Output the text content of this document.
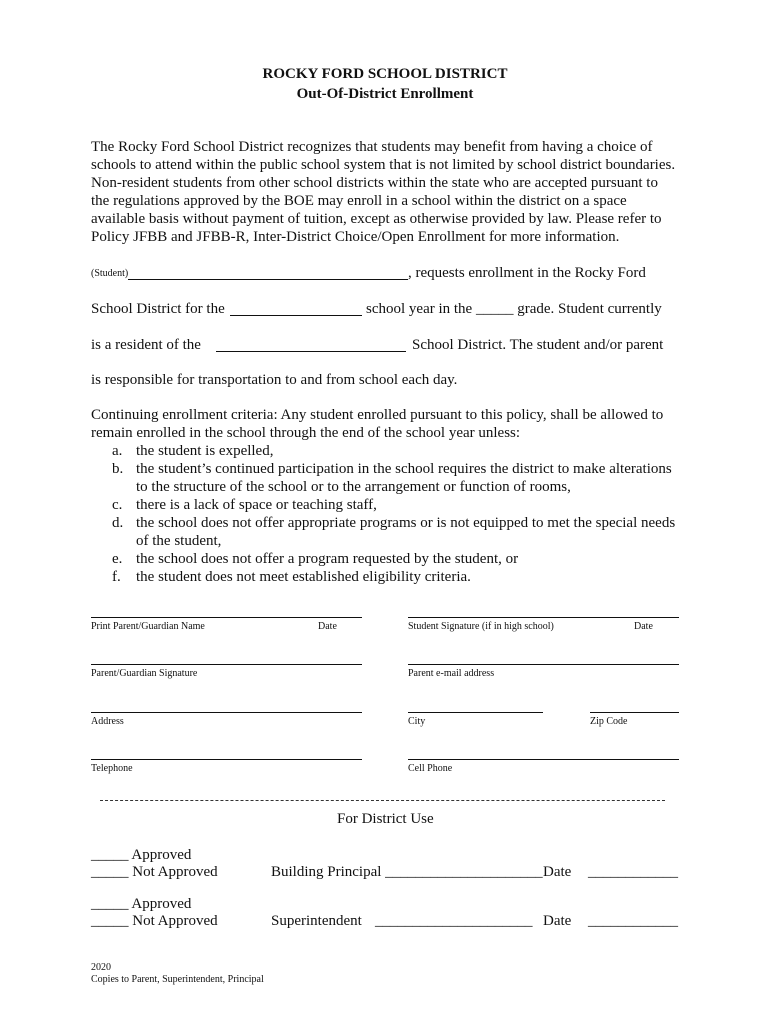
ROCKY FORD SCHOOL DISTRICT
Out-Of-District Enrollment
The Rocky Ford School District recognizes that students may benefit from having a choice of
schools to attend within the public school system that is not limited by school district boundaries.
Non-resident students from other school districts within the state who are accepted pursuant to
the regulations approved by the BOE may enroll in a school within the district on a space
available basis without payment of tuition, except as otherwise provided by law. Please refer to
Policy JFBB and JFBB-R, Inter-District Choice/Open Enrollment for more information.
(Student)	, requests enrollment in the Rocky Ford
School District for the	school year in the _____ grade. Student currently
is a resident of the	School District. The student and/or parent
is responsible for transportation to and from school each day.
Continuing enrollment criteria: Any student enrolled pursuant to this policy, shall be allowed to
remain enrolled in the school through the end of the school year unless:
a. the student is expelled,
b. the student’s continued participation in the school requires the district to make alterations
to the structure of the school or to the arrangement or function of rooms,
c. there is a lack of space or teaching staff,
d. the school does not offer appropriate programs or is not equipped to met the special needs
of the student,
e. the school does not offer a program requested by the student, or
f. the student does not meet established eligibility criteria.
Print Parent/Guardian Name	Date	Student Signature (if in high school)	Date
Parent/Guardian Signature	Parent e-mail address
Address	City	Zip Code
Telephone	Cell Phone
For District Use
_____ Approved
_____ Not Approved	Building Principal _____________________ Date ____________
_____ Approved
_____ Not Approved	Superintendent _____________________ Date ____________
2020
Copies to Parent, Superintendent, Principal
